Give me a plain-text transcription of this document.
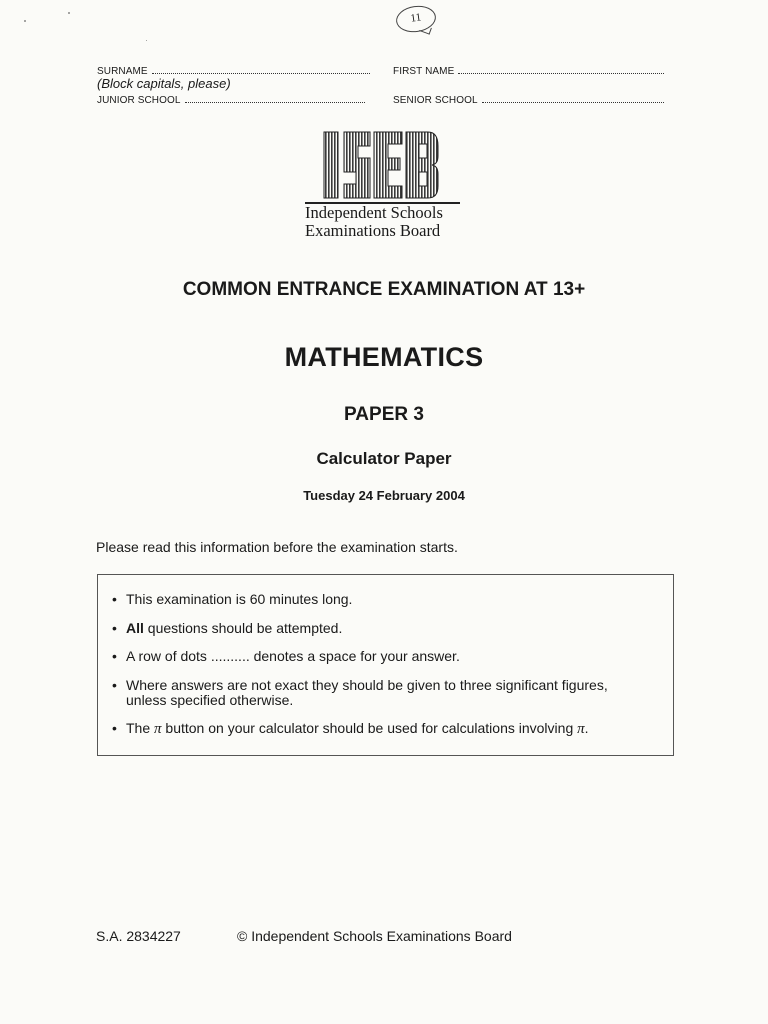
11
SURNAME	FIRST NAME
(Block capitals, please)
JUNIOR SCHOOL	SENIOR SCHOOL
Independent Schools
Examinations Board
COMMON ENTRANCE EXAMINATION AT 13+
MATHEMATICS
PAPER 3
Calculator Paper
Tuesday 24 February 2004
Please read this information before the examination starts.
• This examination is 60 minutes long.
• All questions should be attempted.
• A row of dots .......... denotes a space for your answer.
• Where answers are not exact they should be given to three significant figures,
unless specified otherwise.
• The π button on your calculator should be used for calculations involving π.
S.A. 2834227	© Independent Schools Examinations Board
